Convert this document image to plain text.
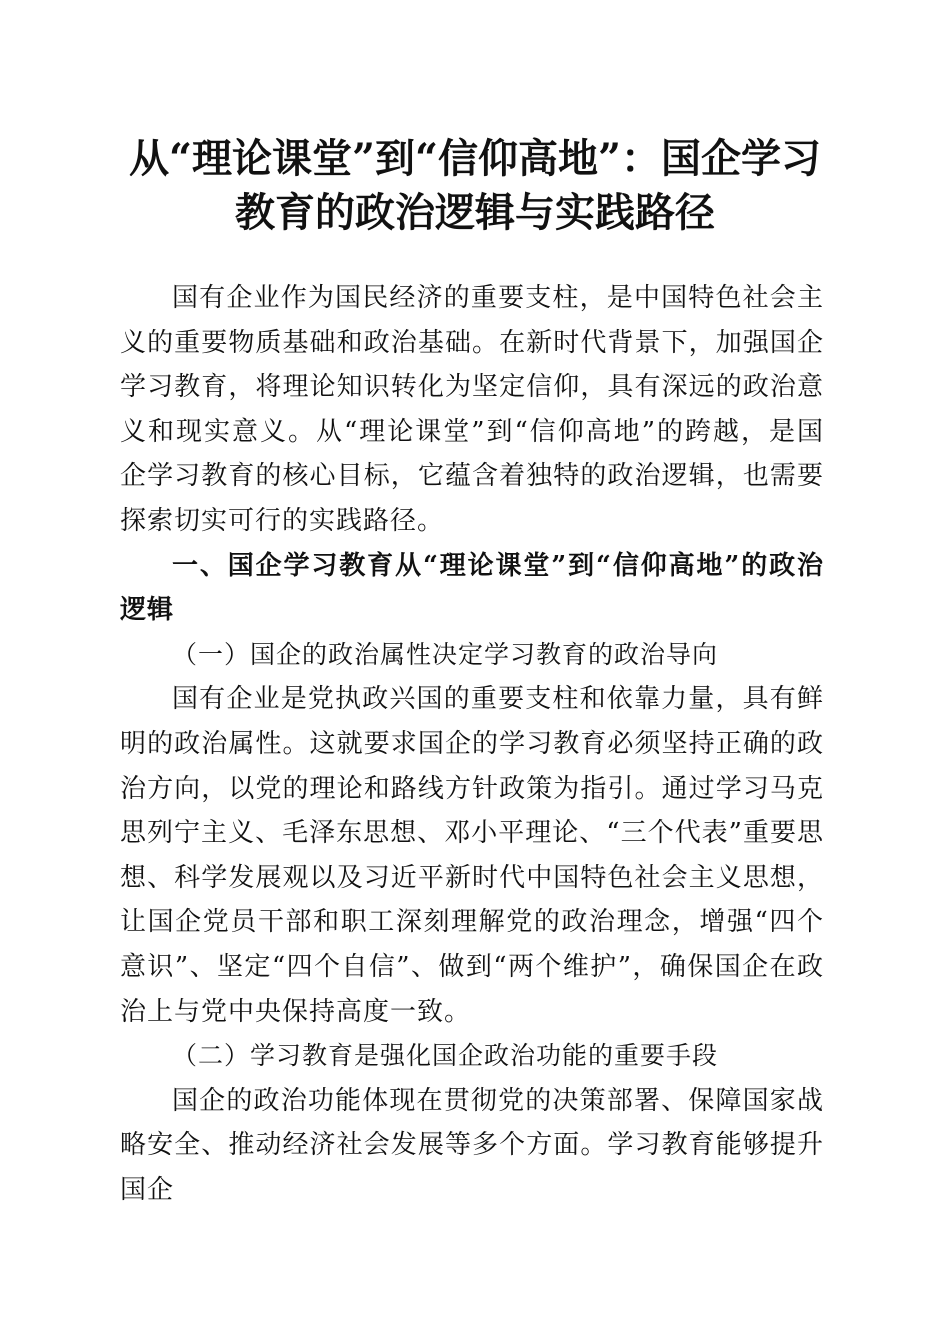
从“理论课堂”到“信仰高地”：国企学习教育的政治逻辑与实践路径

国有企业作为国民经济的重要支柱，是中国特色社会主义的重要物质基础和政治基础。在新时代背景下，加强国企学习教育，将理论知识转化为坚定信仰，具有深远的政治意义和现实意义。从“理论课堂”到“信仰高地”的跨越，是国企学习教育的核心目标，它蕴含着独特的政治逻辑，也需要探索切实可行的实践路径。

一、国企学习教育从“理论课堂”到“信仰高地”的政治逻辑

（一）国企的政治属性决定学习教育的政治导向

国有企业是党执政兴国的重要支柱和依靠力量，具有鲜明的政治属性。这就要求国企的学习教育必须坚持正确的政治方向，以党的理论和路线方针政策为指引。通过学习马克思列宁主义、毛泽东思想、邓小平理论、“三个代表”重要思想、科学发展观以及习近平新时代中国特色社会主义思想，让国企党员干部和职工深刻理解党的政治理念，增强“四个意识”、坚定“四个自信”、做到“两个维护”，确保国企在政治上与党中央保持高度一致。

（二）学习教育是强化国企政治功能的重要手段

国企的政治功能体现在贯彻党的决策部署、保障国家战略安全、推动经济社会发展等多个方面。学习教育能够提升国企
